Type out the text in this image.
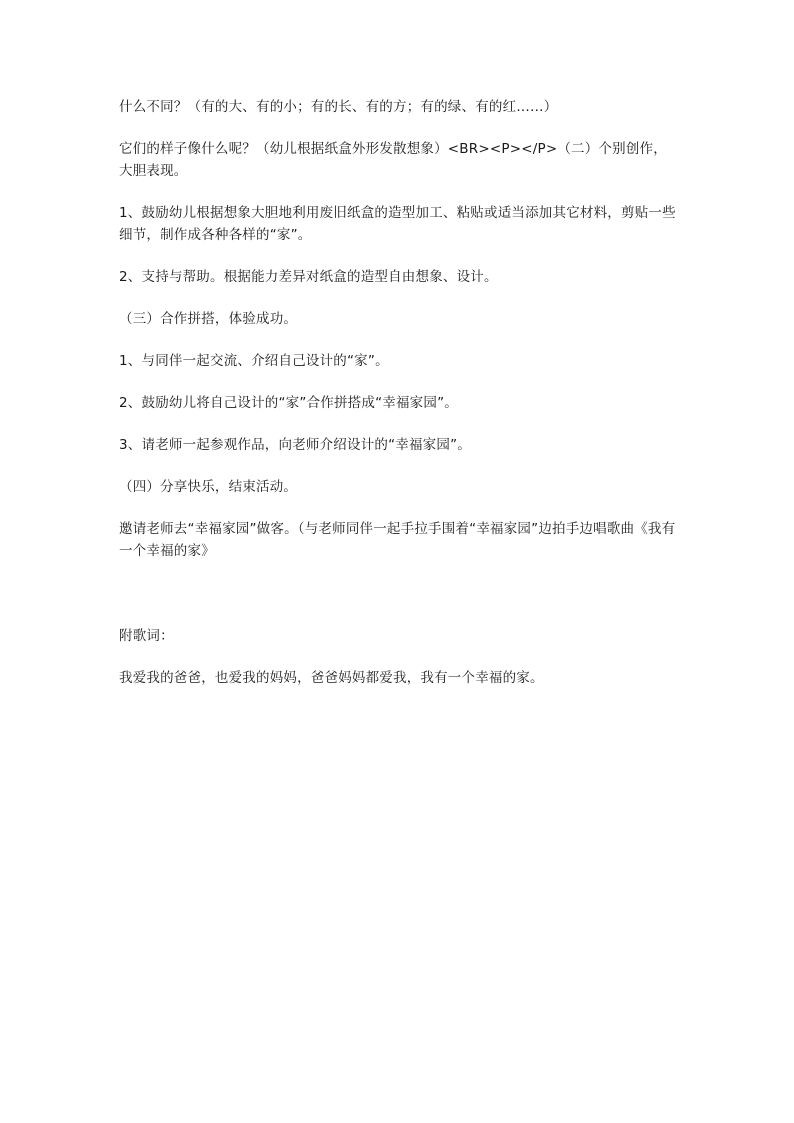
什么不同？（有的大、有的小；有的长、有的方；有的绿、有的红……）

它们的样子像什么呢？（幼儿根据纸盒外形发散想象）<BR><P></P>（二）个别创作，大胆表现。

1、鼓励幼儿根据想象大胆地利用废旧纸盒的造型加工、粘贴或适当添加其它材料，剪贴一些细节，制作成各种各样的“家”。

2、支持与帮助。根据能力差异对纸盒的造型自由想象、设计。

（三）合作拼搭，体验成功。

1、与同伴一起交流、介绍自己设计的“家”。

2、鼓励幼儿将自己设计的“家”合作拼搭成“幸福家园”。

3、请老师一起参观作品，向老师介绍设计的“幸福家园”。

（四）分享快乐，结束活动。

邀请老师去“幸福家园”做客。（与老师同伴一起手拉手围着“幸福家园”边拍手边唱歌曲《我有一个幸福的家》

附歌词：

我爱我的爸爸，也爱我的妈妈，爸爸妈妈都爱我，我有一个幸福的家。
